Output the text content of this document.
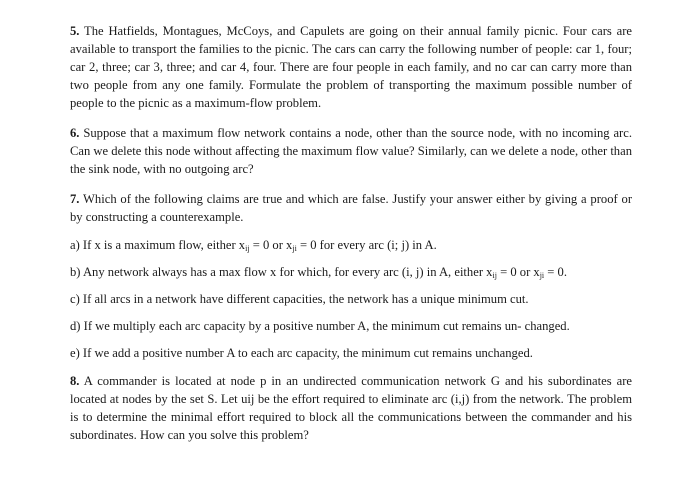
5. The Hatfields, Montagues, McCoys, and Capulets are going on their annual family picnic. Four cars are available to transport the families to the picnic. The cars can carry the following number of people: car 1, four; car 2, three; car 3, three; and car 4, four. There are four people in each family, and no car can carry more than two people from any one family. Formulate the problem of transporting the maximum possible number of people to the picnic as a maximum-flow problem.

6. Suppose that a maximum flow network contains a node, other than the source node, with no incoming arc. Can we delete this node without affecting the maximum flow value? Similarly, can we delete a node, other than the sink node, with no outgoing arc?

7. Which of the following claims are true and which are false. Justify your answer either by giving a proof or by constructing a counterexample.

a) If x is a maximum flow, either $x_{ij} = 0$ or $x_{ji} = 0$ for every arc (i; j) in A.

b) Any network always has a max flow x for which, for every arc (i, j) in A, either $x_{ij} = 0$ or $x_{ji} = 0$.

c) If all arcs in a network have different capacities, the network has a unique minimum cut.

d) If we multiply each arc capacity by a positive number A, the minimum cut remains un- changed.

e) If we add a positive number A to each arc capacity, the minimum cut remains unchanged.

8. A commander is located at node p in an undirected communication network G and his subordinates are located at nodes by the set S. Let uij be the effort required to eliminate arc (i,j) from the network. The problem is to determine the minimal effort required to block all the communications between the commander and his subordinates. How can you solve this problem?
